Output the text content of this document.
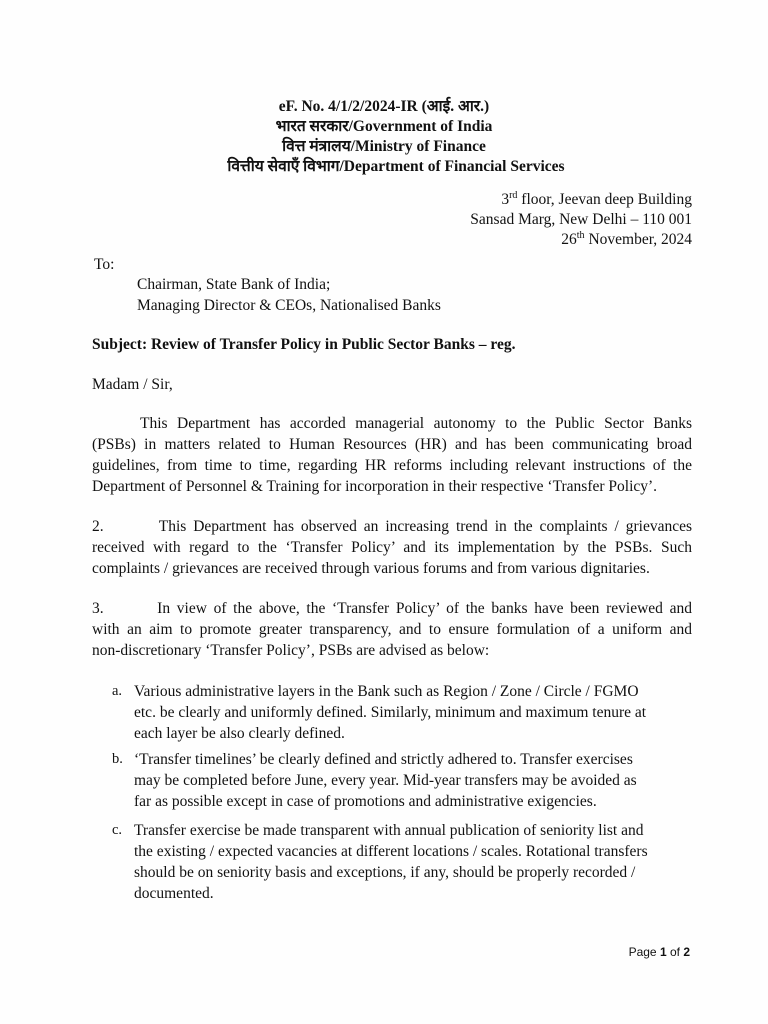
eF. No. 4/1/2/2024-IR (आई. आर.)
भारत सरकार/Government of India
वित्त मंत्रालय/Ministry of Finance
वित्तीय सेवाएँ विभाग/Department of Financial Services
3rd floor, Jeevan deep Building
Sansad Marg, New Delhi – 110 001
26th November, 2024
To:
Chairman, State Bank of India;
Managing Director & CEOs, Nationalised Banks
Subject: Review of Transfer Policy in Public Sector Banks – reg.
Madam / Sir,
This Department has accorded managerial autonomy to the Public Sector Banks
(PSBs) in matters related to Human Resources (HR) and has been communicating broad
guidelines, from time to time, regarding HR reforms including relevant instructions of the
Department of Personnel & Training for incorporation in their respective ‘Transfer Policy’.
2.        This Department has observed an increasing trend in the complaints / grievances
received with regard to the ‘Transfer Policy’ and its implementation by the PSBs. Such
complaints / grievances are received through various forums and from various dignitaries.
3.        In view of the above, the ‘Transfer Policy’ of the banks have been reviewed and
with an aim to promote greater transparency, and to ensure formulation of a uniform and
non-discretionary ‘Transfer Policy’, PSBs are advised as below:
a. Various administrative layers in the Bank such as Region / Zone / Circle / FGMO
etc. be clearly and uniformly defined. Similarly, minimum and maximum tenure at
each layer be also clearly defined.
b. ‘Transfer timelines’ be clearly defined and strictly adhered to. Transfer exercises
may be completed before June, every year. Mid-year transfers may be avoided as
far as possible except in case of promotions and administrative exigencies.
c. Transfer exercise be made transparent with annual publication of seniority list and
the existing / expected vacancies at different locations / scales. Rotational transfers
should be on seniority basis and exceptions, if any, should be properly recorded /
documented.
Page 1 of 2
